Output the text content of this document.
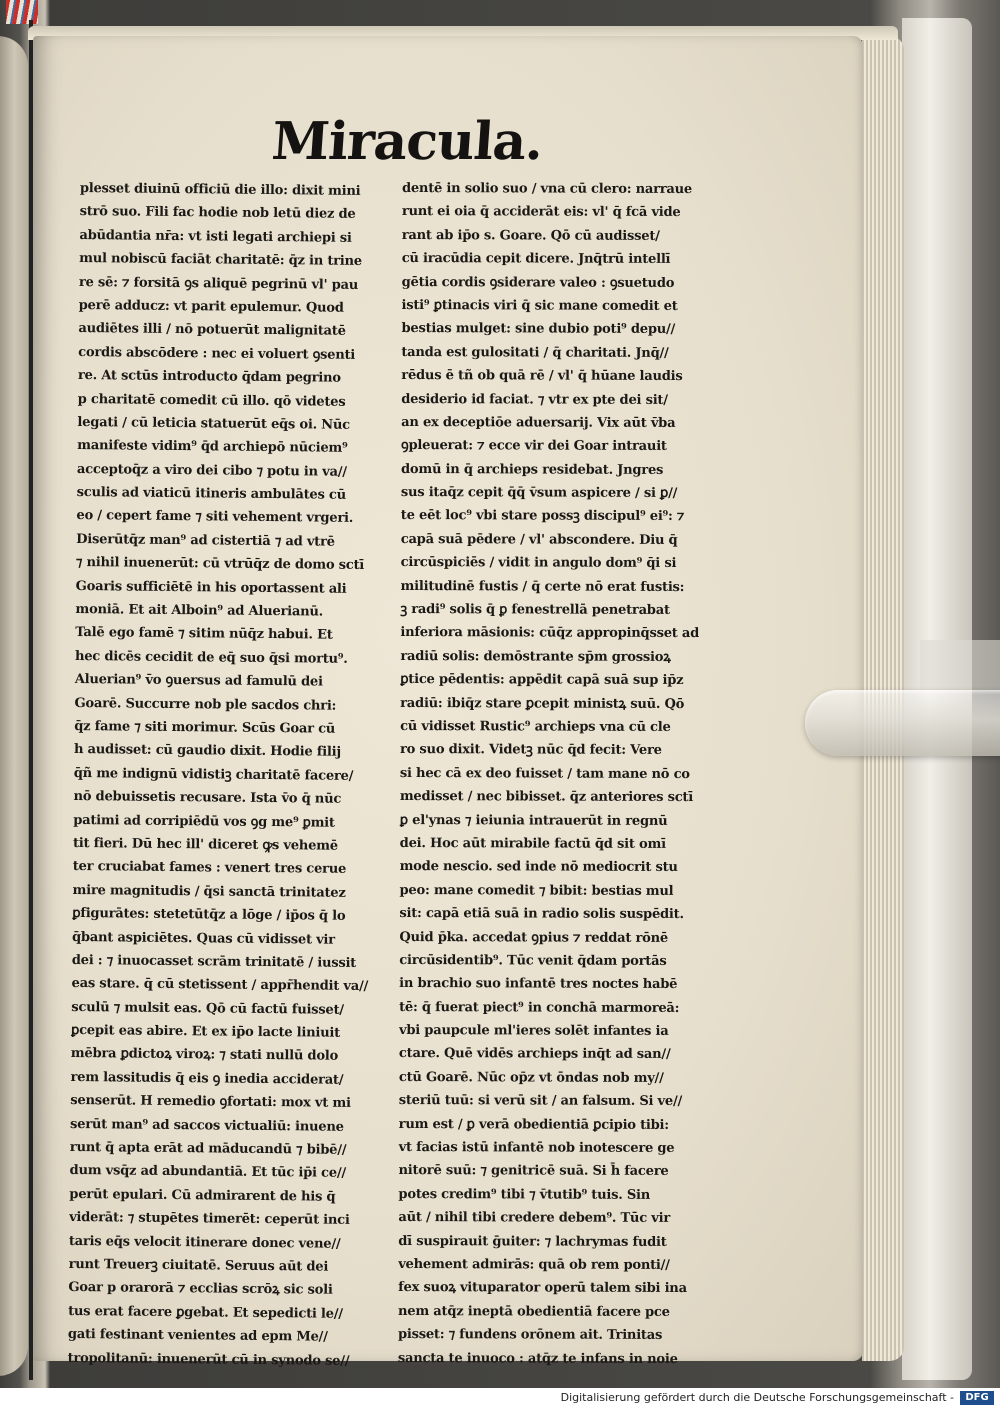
Miracula.
plesset diuinū officiū die illo: dixit mini
strō suo. Fili fac hodie nob letū diez de
abūdantia nr̄a: vt isti legati archiepi si
mul nobiscū faciāt charitatē: q̄z in trine
re sē: ⁊ forsitā ꝯs aliquē pegrinū vl' pau
perē adducz: vt parit epulemur. Quod
audiētes illi / nō potuerūt malignitatē
cordis abscōdere : nec ei voluert ꝯsenti
re. At sctūs introducto q̄dam pegrino
p charitatē comedit cū illo. qō videtes
legati / cū leticia statuerūt eq̄s oi. Nūc
manifeste vidim⁹ q̄d archiepō nūciem⁹
acceptoq̄z a viro dei cibo ⁊ potu in va//
sculis ad viaticū itineris ambulātes cū
eo / cepert fame ⁊ siti vehement vrgeri.
Diserūtq̄z man⁹ ad cistertiā ⁊ ad vtrē
⁊ nihil inuenerūt: cū vtrūq̄z de domo sctī
Goaris sufficiētē in his oportassent ali
moniā. Et ait Alboin⁹ ad Aluerianū.
Talē ego famē ⁊ sitim nūq̄z habui. Et
hec dicēs cecidit de eq̄ suo q̄si mortu⁹.
Aluerian⁹ v̄o ꝯuersus ad famulū dei
Goarē. Succurre nob ple sacdos chri:
q̄z fame ⁊ siti morimur. Scūs Goar cū
h audisset: cū gaudio dixit. Hodie filij
q̄ñ me indignū vidistiꝫ charitatē facere/
nō debuissetis recusare. Ista v̄o q̄ nūc
patimi ad corripiēdū vos ꝯg me⁹ ꝑmit
tit fieri. Dū hec ill' diceret ꝙs vehemē
ter cruciabat fames : venert tres cerue
mire magnitudis / q̄si sanctā trinitatez
ꝑfigurātes: stetetūtq̄z a lōge / ip̄os q̄ lo
q̄bant aspiciētes. Quas cū vidisset vir
dei : ⁊ inuocasset scrām trinitatē / iussit
eas stare. q̄ cū stetissent / appr̄hendit va//
sculū ⁊ mulsit eas. Qō cū factū fuisset/
ꝑcepit eas abire. Et ex ip̄o lacte liniuit
mēbra ꝑdictoꝝ viroꝝ: ⁊ stati nullū dolo
rem lassitudis q̄ eis ꝯ inedia acciderat/
senserūt. H remedio ꝯfortati: mox vt mi
serūt man⁹ ad saccos victualiū: inuene
runt q̄ apta erāt ad māducandū ⁊ bibē//
dum vsq̄z ad abundantiā. Et tūc ip̄i ce//
perūt epulari. Cū admirarent de his q̄
viderāt: ⁊ stupētes timerēt: ceperūt inci
taris eq̄s velocit itinerare donec vene//
runt Treuerꝫ ciuitatē. Seruus aūt dei
Goar p orarorā ⁊ ecclias scrōꝝ sic soli
tus erat facere ꝑgebat. Et sepedicti le//
gati festinant venientes ad epm Me//
tropolitanū: inuenerūt cū in synodo se//
dentē in solio suo / vna cū clero: narraue
runt ei oia q̄ acciderāt eis: vl' q̄ fcā vide
rant ab ip̄o s. Goare. Qō cū audisset/
cū iracūdia cepit dicere. Jnq̄trū intellī
gētia cordis ꝯsiderare valeo : ꝯsuetudo
isti⁹ ꝑtinacis viri q̄ sic mane comedit et
bestias mulget: sine dubio poti⁹ depu//
tanda est gulositati / q̄ charitati. Jnq̄//
rēdus ē tñ ob quā rē / vl' q̄ hūane laudis
desiderio id faciat. ⁊ vtr ex pte dei sit/
an ex deceptiōe aduersarij. Vix aūt v̄ba
ꝯpleuerat: ⁊ ecce vir dei Goar intrauit
domū in q̄ archieps residebat. Jngres
sus itaq̄z cepit q̄q̄ v̄sum aspicere / si ꝑ//
te eēt loc⁹ vbi stare possꝫ discipul⁹ ei⁹: ⁊
capā suā pēdere / vl' abscondere. Diu q̄
circūspiciēs / vidit in angulo dom⁹ q̄i si
militudinē fustis / q̄ certe nō erat fustis:
ꝫ radi⁹ solis q̄ ꝑ fenestrellā penetrabat
inferiora māsionis: cūq̄z appropinq̄sset ad
radiū solis: demōstrante sp̄m grossioꝝ
ꝑtice pēdentis: appēdit capā suā sup ip̄z
radiū: ibiq̄z stare ꝑcepit ministꝝ suū. Qō
cū vidisset Rustic⁹ archieps vna cū cle
ro suo dixit. Videtꝫ nūc q̄d fecit: Vere
si hec cā ex deo fuisset / tam mane nō co
medisset / nec bibisset. q̄z anteriores sctī
ꝑ el'ynas ⁊ ieiunia intrauerūt in regnū
dei. Hoc aūt mirabile factū q̄d sit omī
mode nescio. sed inde nō mediocrit stu
peo: mane comedit ⁊ bibit: bestias mul
sit: capā etiā suā in radio solis suspēdit.
Quid p̄ka. accedat ꝯpius ⁊ reddat rōnē
circūsidentib⁹. Tūc venit q̄dam portās
in brachio suo infantē tres noctes habē
tē: q̄ fuerat piect⁹ in conchā marmoreā:
vbi paupcule ml'ieres solēt infantes ia
ctare. Quē vidēs archieps inq̄t ad san//
ctū Goarē. Nūc op̄z vt ōndas nob my//
steriū tuū: si verū sit / an falsum. Si ve//
rum est / ꝑ verā obedientiā ꝑcipio tibi:
vt facias istū infantē nob inotescere ge
nitorē suū: ⁊ genitricē suā. Si h̄ facere
potes credim⁹ tibi ⁊ v̄tutib⁹ tuis. Sin
aūt / nihil tibi credere debem⁹. Tūc vir
dī suspirauit ḡuiter: ⁊ lachrymas fudit
vehement admirās: quā ob rem ponti//
fex suoꝝ vituparator operū talem sibi ina
nem atq̄z ineptā obedientiā facere pce
pisset: ⁊ fundens orōnem ait. Trinitas
sancta te inuoco : atq̄z te infans in noie
Digitalisierung gefördert durch die Deutsche Forschungsgemeinschaft -	DFG
